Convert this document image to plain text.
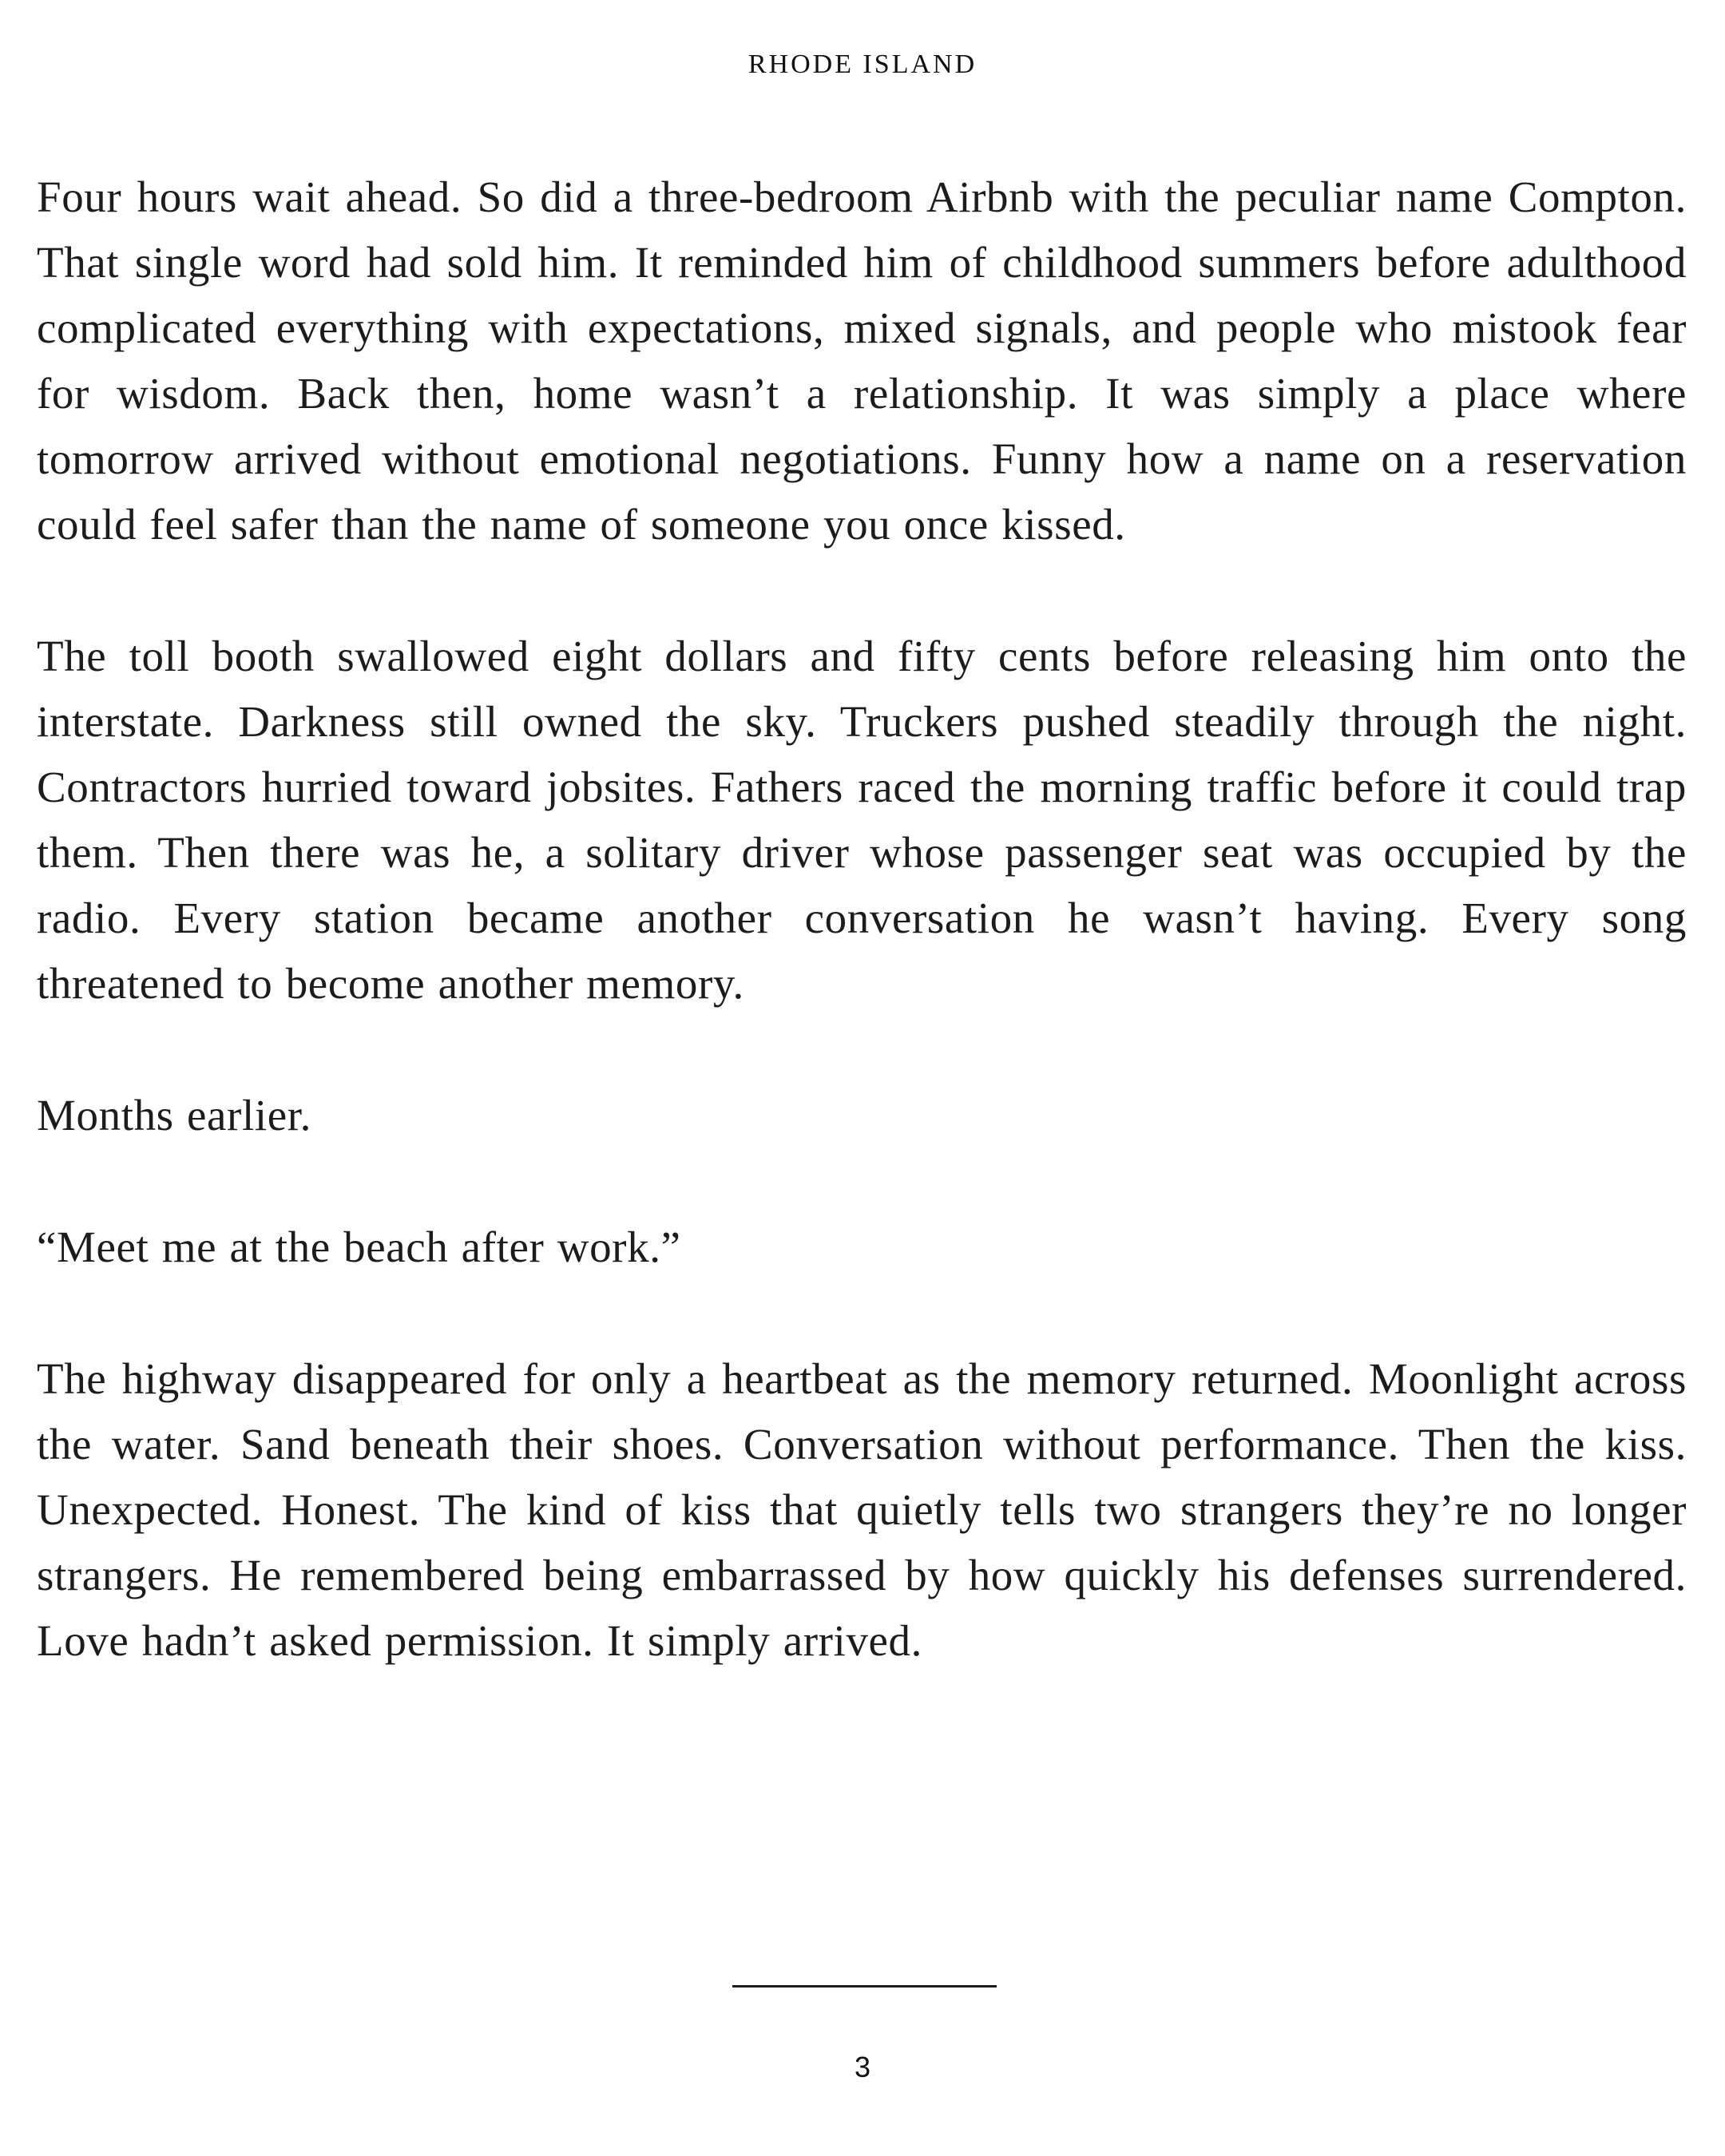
RHODE ISLAND

Four hours wait ahead. So did a three-bedroom Airbnb with the peculiar name Compton. That single word had sold him. It reminded him of childhood summers before adulthood complicated everything with expectations, mixed signals, and people who mistook fear for wisdom. Back then, home wasn’t a relationship. It was simply a place where tomorrow arrived without emotional negotiations. Funny how a name on a reservation could feel safer than the name of someone you once kissed.

The toll booth swallowed eight dollars and fifty cents before releasing him onto the interstate. Darkness still owned the sky. Truckers pushed steadily through the night. Contractors hurried toward jobsites. Fathers raced the morning traffic before it could trap them. Then there was he, a solitary driver whose passenger seat was occupied by the radio. Every station became another conversation he wasn’t having. Every song threatened to become another memory.

Months earlier.

“Meet me at the beach after work.”

The highway disappeared for only a heartbeat as the memory returned. Moonlight across the water. Sand beneath their shoes. Conversation without performance. Then the kiss. Unexpected. Honest. The kind of kiss that quietly tells two strangers they’re no longer strangers. He remembered being embarrassed by how quickly his defenses surrendered. Love hadn’t asked permission. It simply arrived.

3
